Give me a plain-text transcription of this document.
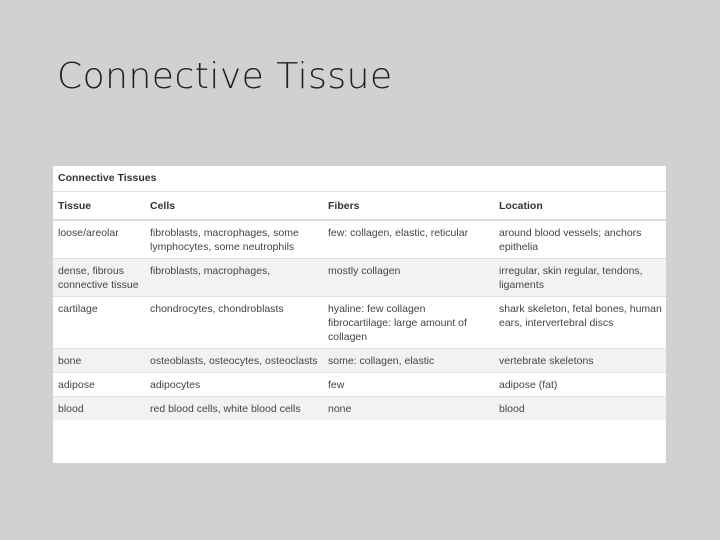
Connective Tissue
Connective Tissues
Tissue	Cells	Fibers	Location
loose/areolar	fibroblasts, macrophages, some lymphocytes, some neutrophils	few: collagen, elastic, reticular	around blood vessels; anchors epithelia
dense, fibrous connective tissue	fibroblasts, macrophages,	mostly collagen	irregular, skin regular, tendons, ligaments
cartilage	chondrocytes, chondroblasts	hyaline: few collagen fibrocartilage: large amount of collagen	shark skeleton, fetal bones, human ears, intervertebral discs
bone	osteoblasts, osteocytes, osteoclasts	some: collagen, elastic	vertebrate skeletons
adipose	adipocytes	few	adipose (fat)
blood	red blood cells, white blood cells	none	blood
